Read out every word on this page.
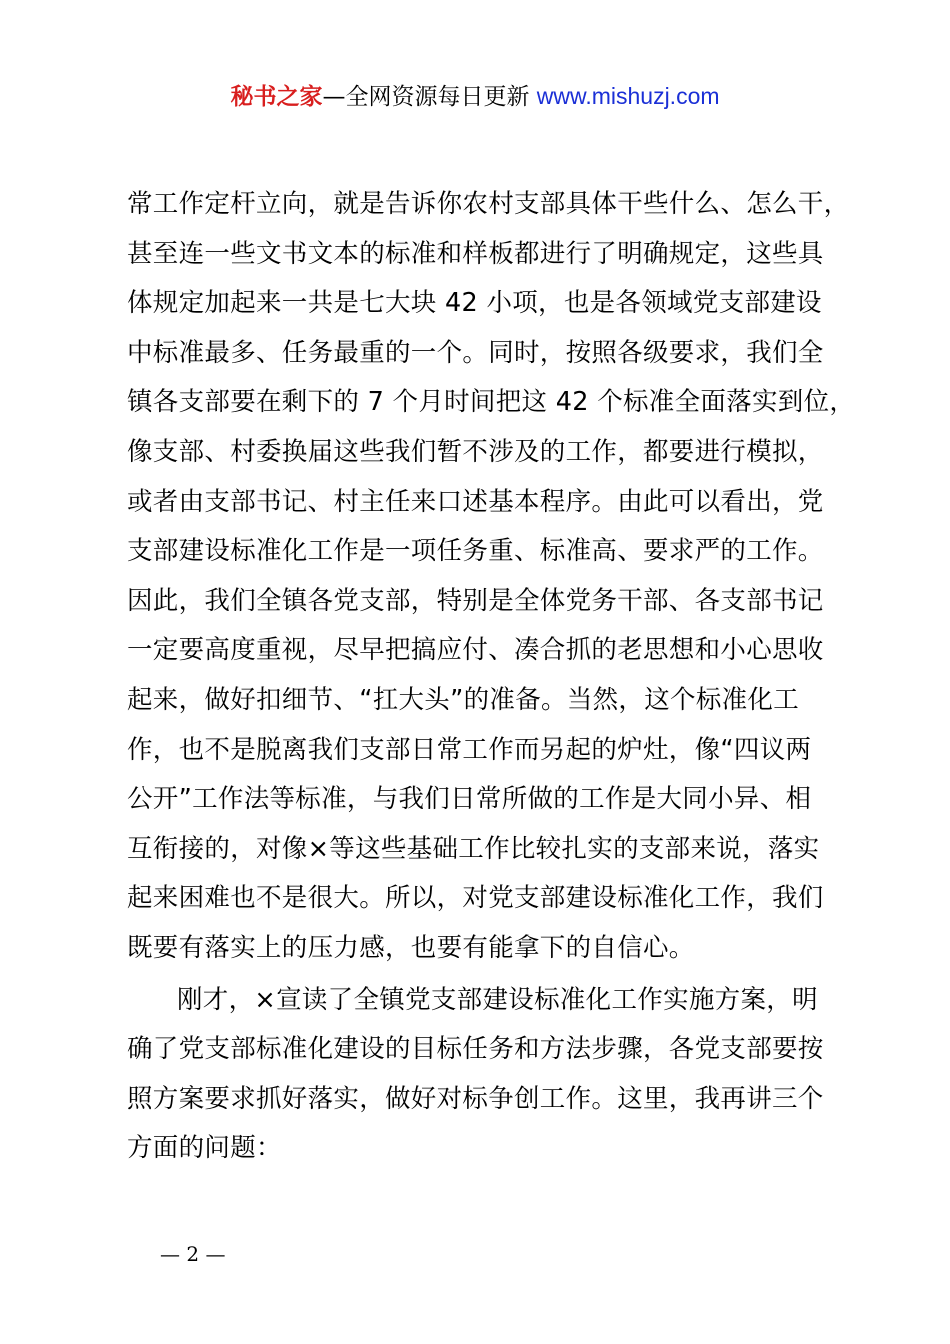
秘书之家—全网资源每日更新 www.mishuzj.com
常工作定杆立向，就是告诉你农村支部具体干些什么、怎么干，
甚至连一些文书文本的标准和样板都进行了明确规定，这些具
体规定加起来一共是七大块 42 小项，也是各领域党支部建设
中标准最多、任务最重的一个。同时，按照各级要求，我们全
镇各支部要在剩下的 7 个月时间把这 42 个标准全面落实到位，
像支部、村委换届这些我们暂不涉及的工作，都要进行模拟，
或者由支部书记、村主任来口述基本程序。由此可以看出，党
支部建设标准化工作是一项任务重、标准高、要求严的工作。
因此，我们全镇各党支部，特别是全体党务干部、各支部书记
一定要高度重视，尽早把搞应付、凑合抓的老思想和小心思收
起来，做好扣细节、“扛大头”的准备。当然，这个标准化工
作，也不是脱离我们支部日常工作而另起的炉灶，像“四议两
公开”工作法等标准，与我们日常所做的工作是大同小异、相
互衔接的，对像×等这些基础工作比较扎实的支部来说，落实
起来困难也不是很大。所以，对党支部建设标准化工作，我们
既要有落实上的压力感，也要有能拿下的自信心。
刚才，×宣读了全镇党支部建设标准化工作实施方案，明
确了党支部标准化建设的目标任务和方法步骤，各党支部要按
照方案要求抓好落实，做好对标争创工作。这里，我再讲三个
方面的问题：
— 2 —
